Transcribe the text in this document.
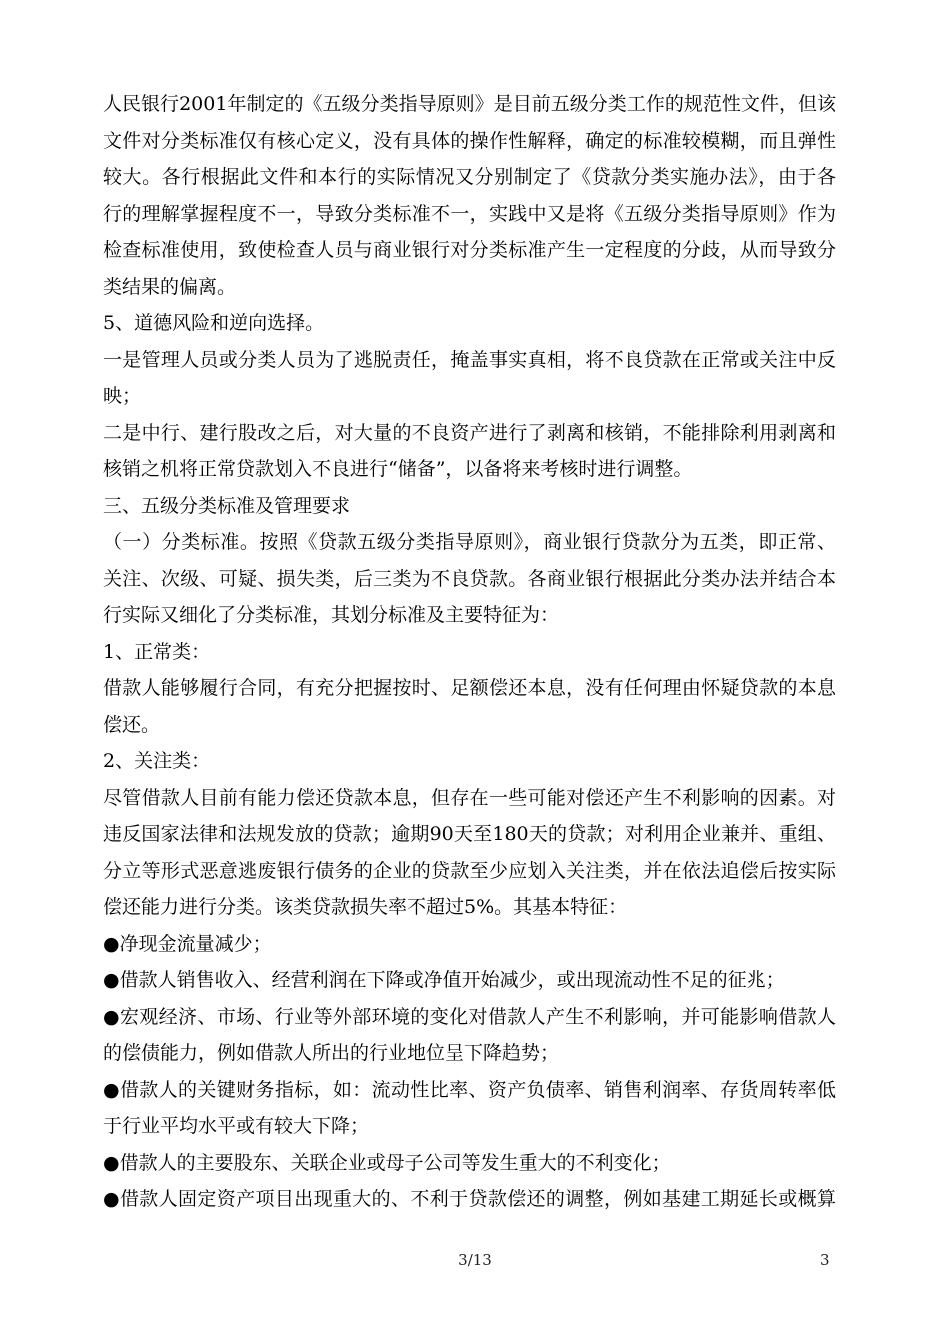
人民银行2001年制定的《五级分类指导原则》是目前五级分类工作的规范性文件，但该

文件对分类标准仅有核心定义，没有具体的操作性解释，确定的标准较模糊，而且弹性

较大。各行根据此文件和本行的实际情况又分别制定了《贷款分类实施办法》，由于各

行的理解掌握程度不一，导致分类标准不一，实践中又是将《五级分类指导原则》作为

检查标准使用，致使检查人员与商业银行对分类标准产生一定程度的分歧，从而导致分

类结果的偏离。

5、道德风险和逆向选择。

一是管理人员或分类人员为了逃脱责任，掩盖事实真相，将不良贷款在正常或关注中反

映；

二是中行、建行股改之后，对大量的不良资产进行了剥离和核销，不能排除利用剥离和

核销之机将正常贷款划入不良进行“储备”，以备将来考核时进行调整。

三、五级分类标准及管理要求

（一）分类标准。按照《贷款五级分类指导原则》，商业银行贷款分为五类，即正常、

关注、次级、可疑、损失类，后三类为不良贷款。各商业银行根据此分类办法并结合本

行实际又细化了分类标准，其划分标准及主要特征为：

1、正常类：

借款人能够履行合同，有充分把握按时、足额偿还本息，没有任何理由怀疑贷款的本息

偿还。

2、关注类：

尽管借款人目前有能力偿还贷款本息，但存在一些可能对偿还产生不利影响的因素。对

违反国家法律和法规发放的贷款；逾期90天至180天的贷款；对利用企业兼并、重组、

分立等形式恶意逃废银行债务的企业的贷款至少应划入关注类，并在依法追偿后按实际

偿还能力进行分类。该类贷款损失率不超过5%。其基本特征：

●净现金流量减少；

●借款人销售收入、经营利润在下降或净值开始减少，或出现流动性不足的征兆；

●宏观经济、市场、行业等外部环境的变化对借款人产生不利影响，并可能影响借款人

的偿债能力，例如借款人所出的行业地位呈下降趋势；

●借款人的关键财务指标，如：流动性比率、资产负债率、销售利润率、存货周转率低

于行业平均水平或有较大下降；

●借款人的主要股东、关联企业或母子公司等发生重大的不利变化；

●借款人固定资产项目出现重大的、不利于贷款偿还的调整，例如基建工期延长或概算

3/13	3
